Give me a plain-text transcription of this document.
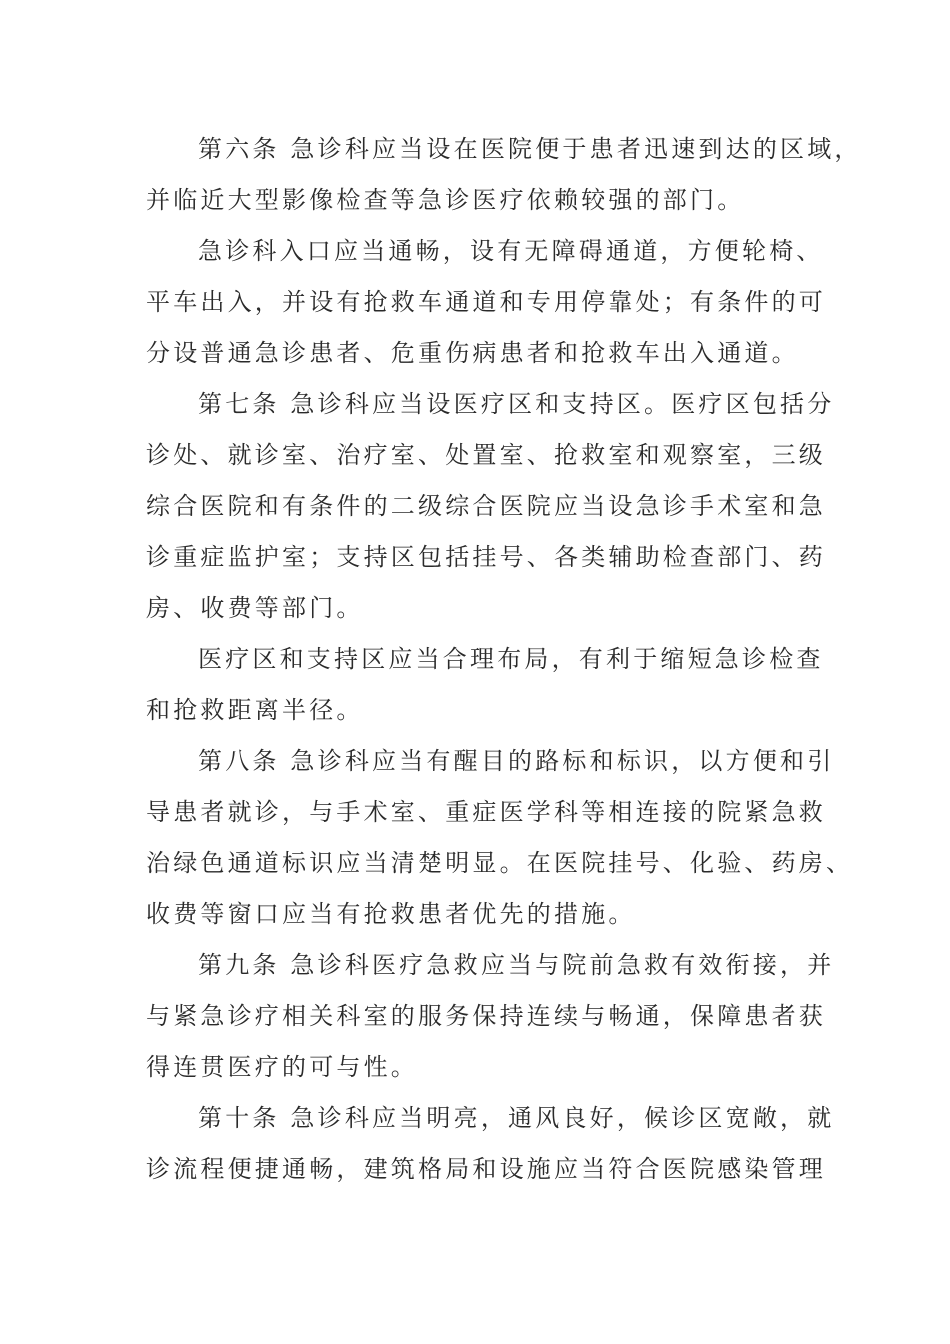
第六条 急诊科应当设在医院便于患者迅速到达的区域，
并临近大型影像检查等急诊医疗依赖较强的部门。
急诊科入口应当通畅，设有无障碍通道，方便轮椅、
平车出入，并设有抢救车通道和专用停靠处；有条件的可
分设普通急诊患者、危重伤病患者和抢救车出入通道。
第七条 急诊科应当设医疗区和支持区。医疗区包括分
诊处、就诊室、治疗室、处置室、抢救室和观察室，三级
综合医院和有条件的二级综合医院应当设急诊手术室和急
诊重症监护室；支持区包括挂号、各类辅助检查部门、药
房、收费等部门。
医疗区和支持区应当合理布局，有利于缩短急诊检查
和抢救距离半径。
第八条 急诊科应当有醒目的路标和标识，以方便和引
导患者就诊，与手术室、重症医学科等相连接的院紧急救
治绿色通道标识应当清楚明显。在医院挂号、化验、药房、
收费等窗口应当有抢救患者优先的措施。
第九条 急诊科医疗急救应当与院前急救有效衔接，并
与紧急诊疗相关科室的服务保持连续与畅通，保障患者获
得连贯医疗的可与性。
第十条 急诊科应当明亮，通风良好，候诊区宽敞，就
诊流程便捷通畅，建筑格局和设施应当符合医院感染管理
